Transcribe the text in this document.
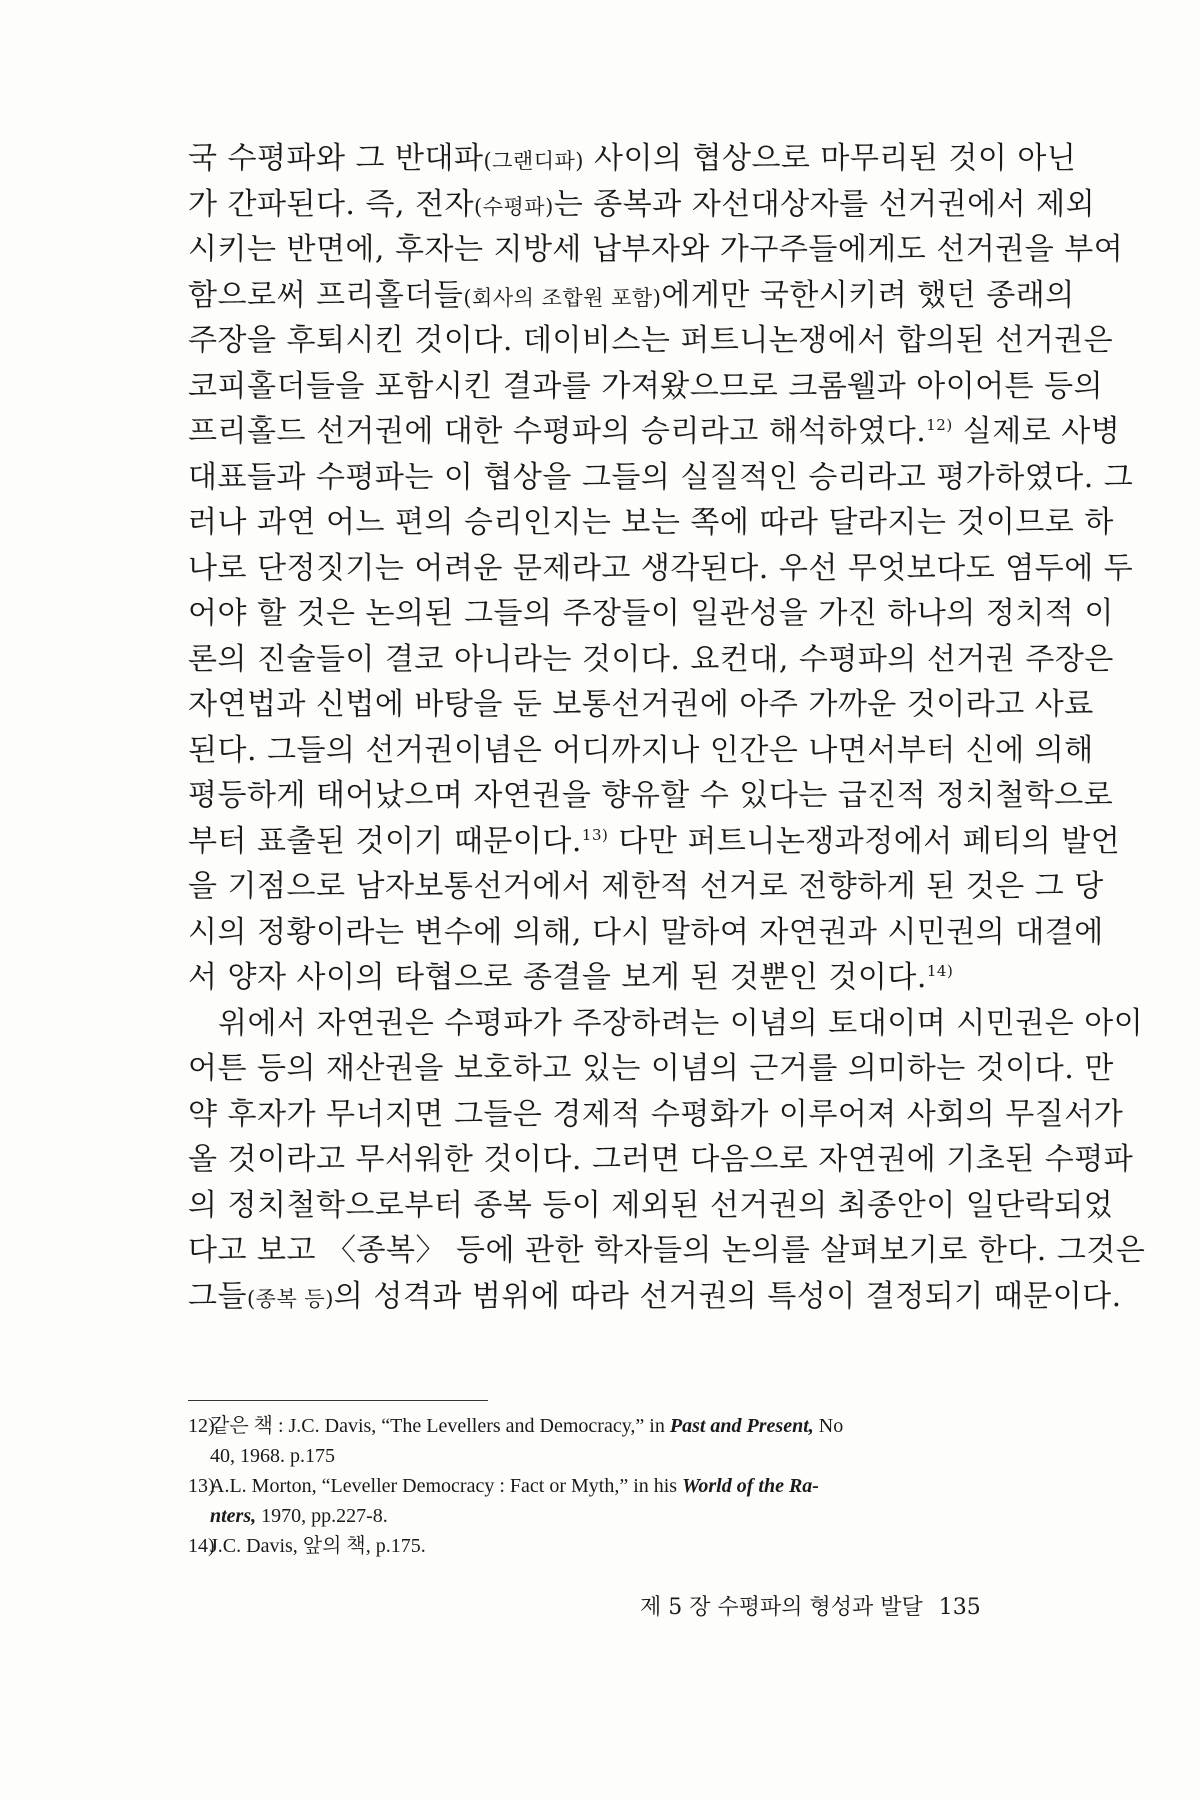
국 수평파와 그 반대파(그랜디파) 사이의 협상으로 마무리된 것이 아닌
가 간파된다. 즉, 전자(수평파)는 종복과 자선대상자를 선거권에서 제외
시키는 반면에, 후자는 지방세 납부자와 가구주들에게도 선거권을 부여
함으로써 프리홀더들(회사의 조합원 포함)에게만 국한시키려 했던 종래의
주장을 후퇴시킨 것이다. 데이비스는 퍼트니논쟁에서 합의된 선거권은
코피홀더들을 포함시킨 결과를 가져왔으므로 크롬웰과 아이어튼 등의
프리홀드 선거권에 대한 수평파의 승리라고 해석하였다.$^{12)}$ 실제로 사병
대표들과 수평파는 이 협상을 그들의 실질적인 승리라고 평가하였다. 그
러나 과연 어느 편의 승리인지는 보는 쪽에 따라 달라지는 것이므로 하
나로 단정짓기는 어려운 문제라고 생각된다. 우선 무엇보다도 염두에 두
어야 할 것은 논의된 그들의 주장들이 일관성을 가진 하나의 정치적 이
론의 진술들이 결코 아니라는 것이다. 요컨대, 수평파의 선거권 주장은
자연법과 신법에 바탕을 둔 보통선거권에 아주 가까운 것이라고 사료
된다. 그들의 선거권이념은 어디까지나 인간은 나면서부터 신에 의해
평등하게 태어났으며 자연권을 향유할 수 있다는 급진적 정치철학으로
부터 표출된 것이기 때문이다.$^{13)}$ 다만 퍼트니논쟁과정에서 페티의 발언
을 기점으로 남자보통선거에서 제한적 선거로 전향하게 된 것은 그 당
시의 정황이라는 변수에 의해, 다시 말하여 자연권과 시민권의 대결에
서 양자 사이의 타협으로 종결을 보게 된 것뿐인 것이다.$^{14)}$
위에서 자연권은 수평파가 주장하려는 이념의 토대이며 시민권은 아이
어튼 등의 재산권을 보호하고 있는 이념의 근거를 의미하는 것이다. 만
약 후자가 무너지면 그들은 경제적 수평화가 이루어져 사회의 무질서가
올 것이라고 무서워한 것이다. 그러면 다음으로 자연권에 기초된 수평파
의 정치철학으로부터 종복 등이 제외된 선거권의 최종안이 일단락되었
다고 보고 〈종복〉 등에 관한 학자들의 논의를 살펴보기로 한다. 그것은
그들(종복 등)의 성격과 범위에 따라 선거권의 특성이 결정되기 때문이다.
12)같은 책 : J.C. Davis, “The Levellers and Democracy,” in Past and Present, No
40, 1968. p.175
13)A.L. Morton, “Leveller Democracy : Fact or Myth,” in his World of the Ra-
nters, 1970, pp.227-8.
14)J.C. Davis, 앞의 책, p.175.
제 5 장 수평파의 형성과 발달 135
